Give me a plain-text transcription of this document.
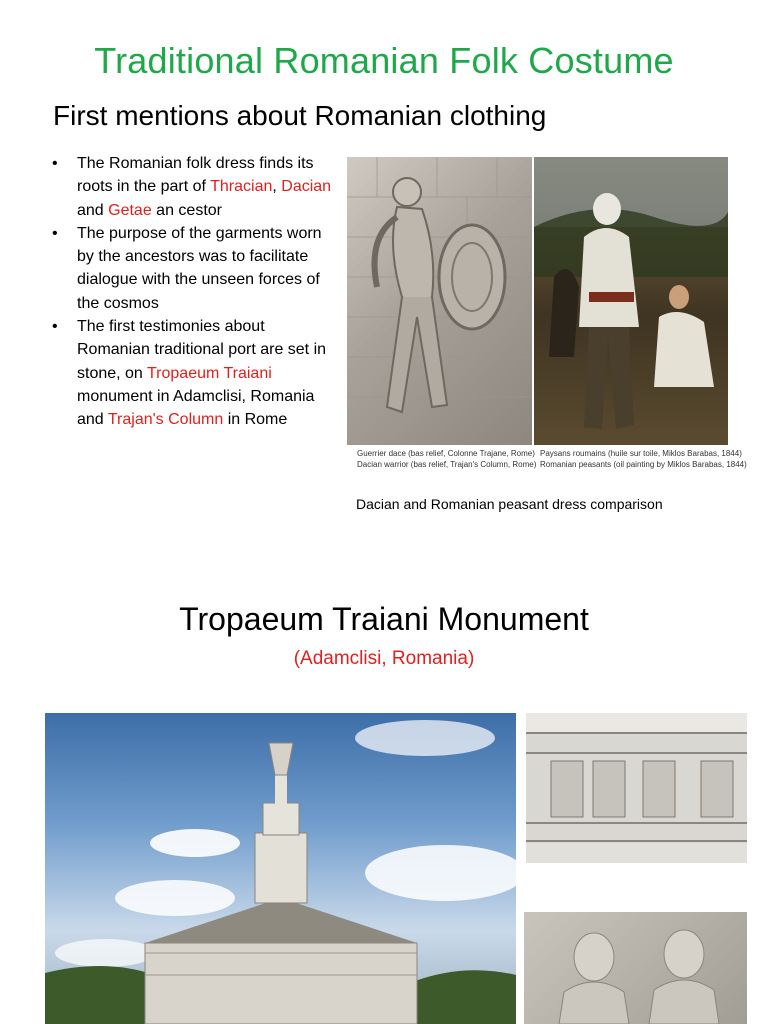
Traditional Romanian Folk Costume
First mentions about Romanian clothing
• The Romanian folk dress finds its roots in the part of Thracian, Dacian and Getae an cestor
• The purpose of the garments worn by the ancestors was to facilitate dialogue with the unseen forces of the cosmos
• The first testimonies about Romanian traditional port are set in stone, on Tropaeum Traiani monument in Adamclisi, Romania and Trajan's Column in Rome
Guerrier dace (bas relief, Colonne Trajane, Rome)
Dacian warrior (bas relief, Trajan's Column, Rome)
Paysans roumains (huile sur toile, Miklos Barabas, 1844)
Romanian peasants (oil painting by Miklos Barabas, 1844)
Dacian and Romanian peasant dress comparison
Tropaeum Traiani Monument
(Adamclisi, Romania)
